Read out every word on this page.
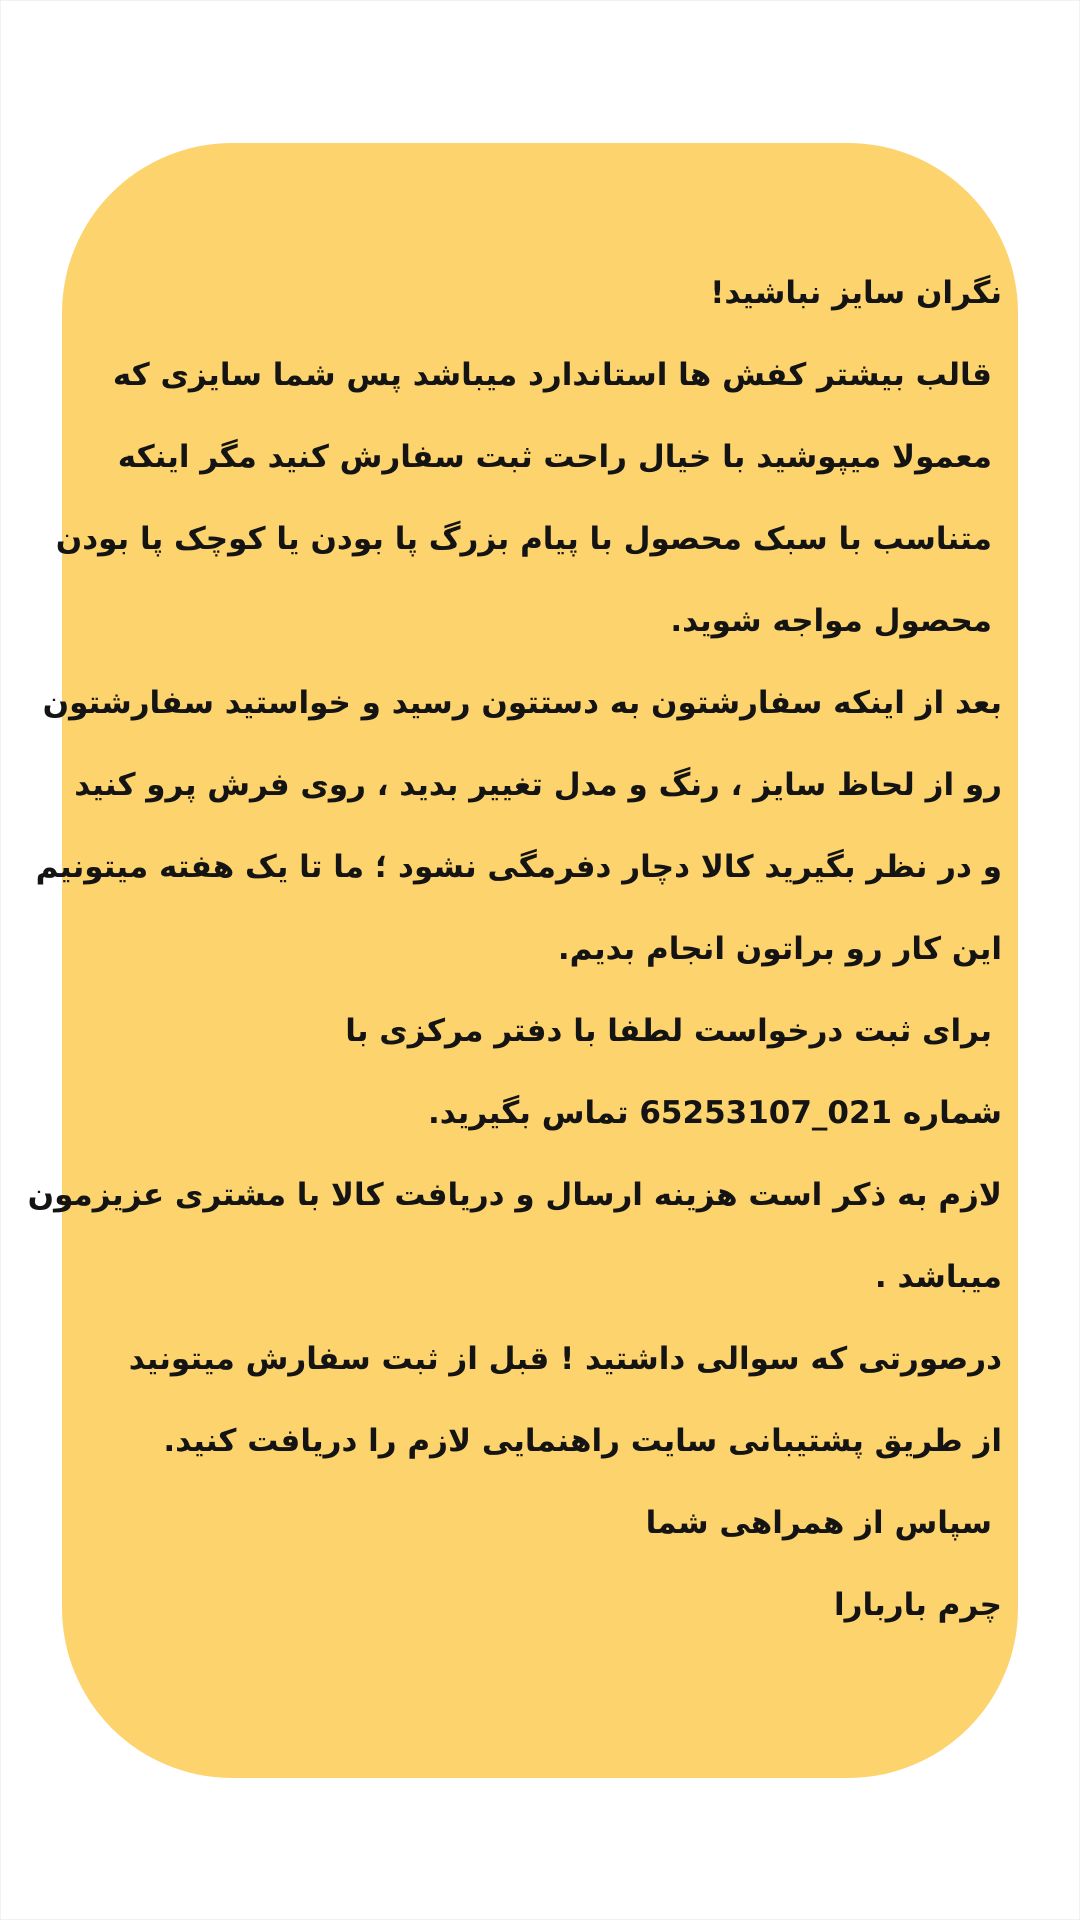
نگران سایز نباشید!
قالب بیشتر کفش ها استاندارد میباشد پس شما سایزی که
معمولا میپوشید با خیال راحت ثبت سفارش کنید مگر اینکه
متناسب با سبک محصول با پیام بزرگ پا بودن یا کوچک پا بودن
محصول مواجه شوید.
بعد از اینکه سفارشتون به دستتون رسید و خواستید سفارشتون
رو از لحاظ سایز ، رنگ و مدل تغییر بدید ، روی فرش پرو کنید
و در نظر بگیرید کالا دچار دفرمگی نشود ؛ ما تا یک هفته میتونیم
این کار رو براتون انجام بدیم.
برای ثبت درخواست لطفا با دفتر مرکزی با
شماره 021_65253107 تماس بگیرید.
لازم به ذکر است هزینه ارسال و دریافت کالا با مشتری عزیزمون
میباشد .
درصورتی که سوالی داشتید ! قبل از ثبت سفارش میتونید
از طریق پشتیبانی سایت راهنمایی لازم را دریافت کنید.
سپاس از همراهی شما
چرم باربارا
